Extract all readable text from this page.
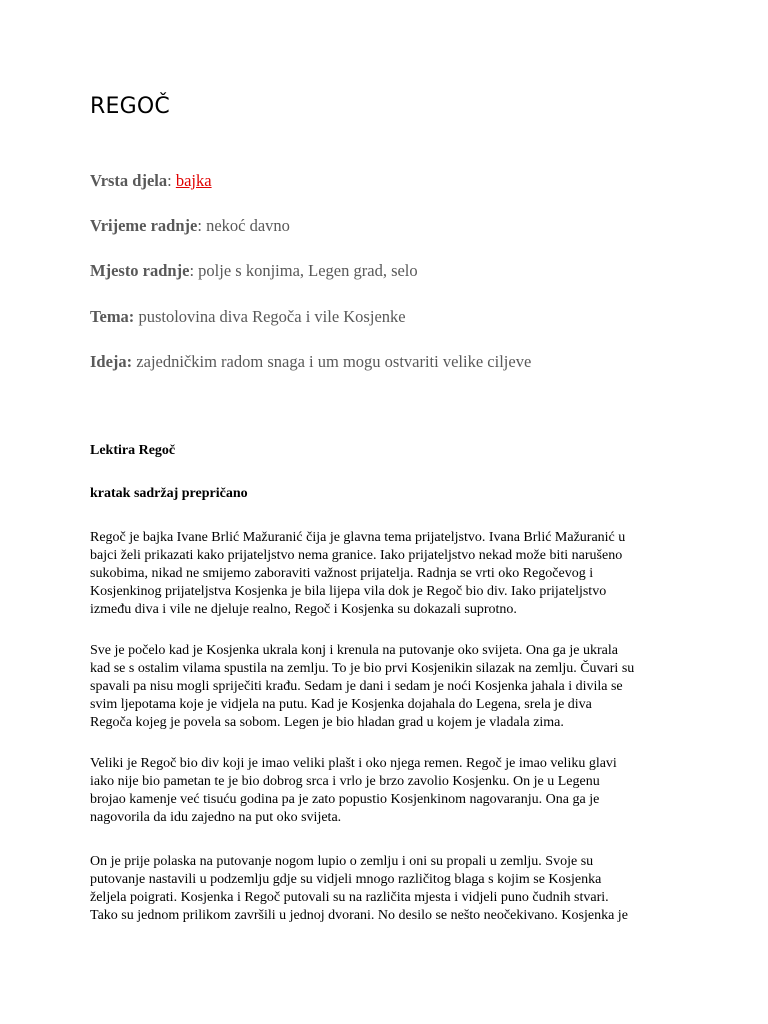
REGOČ

Vrsta djela: bajka

Vrijeme radnje: nekoć davno

Mjesto radnje: polje s konjima, Legen grad, selo

Tema: pustolovina diva Regoča i vile Kosjenke

Ideja: zajedničkim radom snaga i um mogu ostvariti velike ciljeve

Lektira Regoč
kratak sadržaj prepričano
Regoč je bajka Ivane Brlić Mažuranić čija je glavna tema prijateljstvo. Ivana Brlić Mažuranić u
bajci želi prikazati kako prijateljstvo nema granice. Iako prijateljstvo nekad može biti narušeno
sukobima, nikad ne smijemo zaboraviti važnost prijatelja. Radnja se vrti oko Regočevog i
Kosjenkinog prijateljstva Kosjenka je bila lijepa vila dok je Regoč bio div. Iako prijateljstvo
između diva i vile ne djeluje realno, Regoč i Kosjenka su dokazali suprotno.
Sve je počelo kad je Kosjenka ukrala konj i krenula na putovanje oko svijeta. Ona ga je ukrala
kad se s ostalim vilama spustila na zemlju. To je bio prvi Kosjenikin silazak na zemlju. Čuvari su
spavali pa nisu mogli spriječiti krađu. Sedam je dani i sedam je noći Kosjenka jahala i divila se
svim ljepotama koje je vidjela na putu. Kad je Kosjenka dojahala do Legena, srela je diva
Regoča kojeg je povela sa sobom. Legen je bio hladan grad u kojem je vladala zima.
Veliki je Regoč bio div koji je imao veliki plašt i oko njega remen. Regoč je imao veliku glavi
iako nije bio pametan te je bio dobrog srca i vrlo je brzo zavolio Kosjenku. On je u Legenu
brojao kamenje već tisuću godina pa je zato popustio Kosjenkinom nagovaranju. Ona ga je
nagovorila da idu zajedno na put oko svijeta.
On je prije polaska na putovanje nogom lupio o zemlju i oni su propali u zemlju. Svoje su
putovanje nastavili u podzemlju gdje su vidjeli mnogo različitog blaga s kojim se Kosjenka
željela poigrati. Kosjenka i Regoč putovali su na različita mjesta i vidjeli puno čudnih stvari.
Tako su jednom prilikom završili u jednoj dvorani. No desilo se nešto neočekivano. Kosjenka je
